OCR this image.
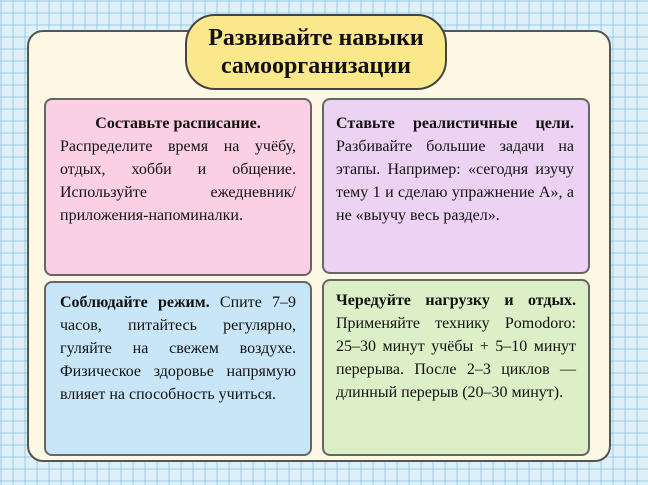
Развивайте навыки
самоорганизации
Составьте расписание.

Распределите время на учёбу, отдых, хобби и общение. Используйте ежедневник/приложения-напоминалки.

Ставьте реалистичные цели. Разбивайте большие задачи на этапы. Например: «сегодня изучу тему 1 и сделаю упражнение А», а не «выучу весь раздел».

Соблюдайте режим. Спите 7–9 часов, питайтесь регулярно, гуляйте на свежем воздухе. Физическое здоровье напрямую влияет на способность учиться.

Чередуйте нагрузку и отдых. Применяйте технику Pomodoro: 25–30 минут учёбы + 5–10 минут перерыва. После 2–3 циклов — длинный перерыв (20–30 минут).
